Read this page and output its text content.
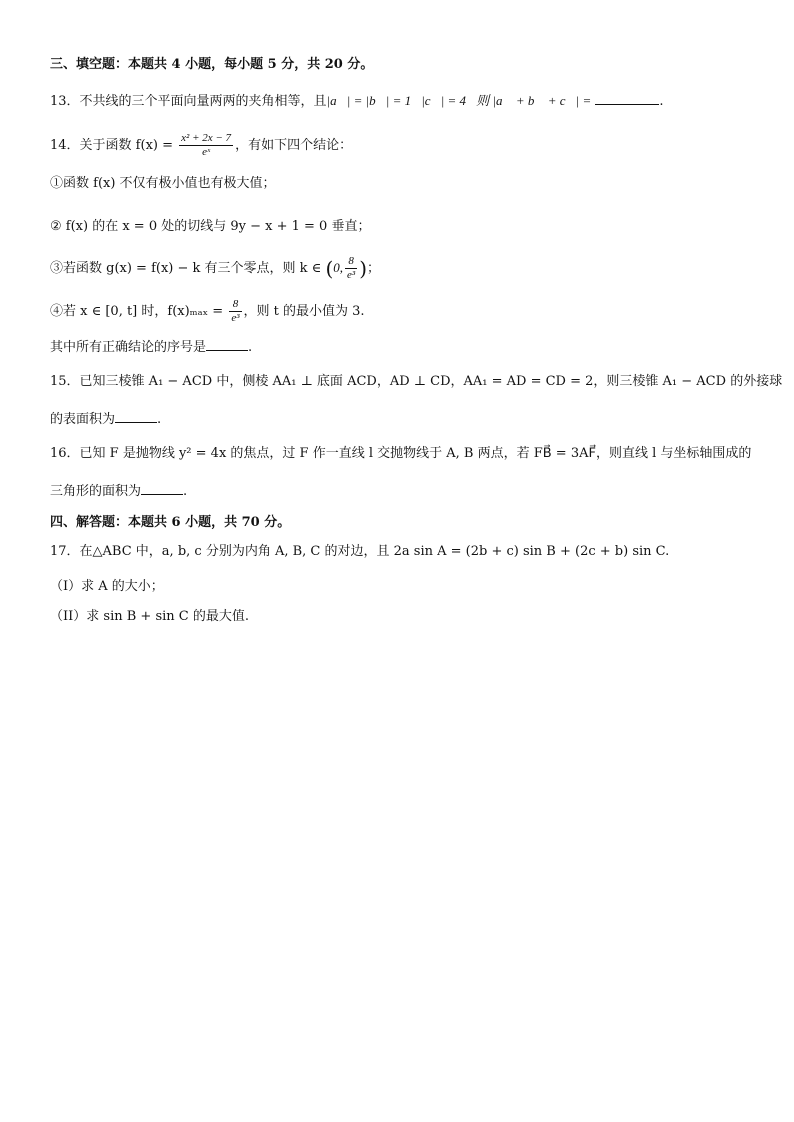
三、填空题：本题共 4 小题，每小题 5 分，共 20 分。
13．不共线的三个平面向量两两的夹角相等，且|a⃗| = |b⃗| = 1，|c⃗| = 4．则 |a⃗ + b⃗ + c⃗| =	.
14．关于函数 $f(x) = \frac{\text{x² + 2x − 7}}{\text{eˣ}}$ ，有如下四个结论：
①函数 f(x) 不仅有极小值也有极大值；
② f(x) 的在 x = 0 处的切线与 9y − x + 1 = 0 垂直；
③若函数 g(x) = f(x) − k 有三个零点，则 k ∈ (0, $\frac{8}{\text{e³}}$ )；
④若 x ∈ [0, t] 时，$f(x)_{max} = \frac{8}{\text{e³}}$ ，则 t 的最小值为 3.
其中所有正确结论的序号是	.
15．已知三棱锥 A₁ − ACD 中，侧棱 AA₁ ⊥ 底面 ACD，AD ⊥ CD，AA₁ = AD = CD = 2，则三棱锥 A₁ − ACD 的外接球
的表面积为	.
16．已知 F 是抛物线 y² = 4x 的焦点，过 F 作一直线 l 交抛物线于 A, B 两点，若 FB⃗ = 3AF⃗，则直线 l 与坐标轴围成的
三角形的面积为	.
四、解答题：本题共 6 小题，共 70 分。
17．在△ABC 中，a, b, c 分别为内角 A, B, C 的对边，且 2a sin A = (2b + c) sin B + (2c + b) sin C.
（I）求 A 的大小；
（II）求 sin B + sin C 的最大值.
